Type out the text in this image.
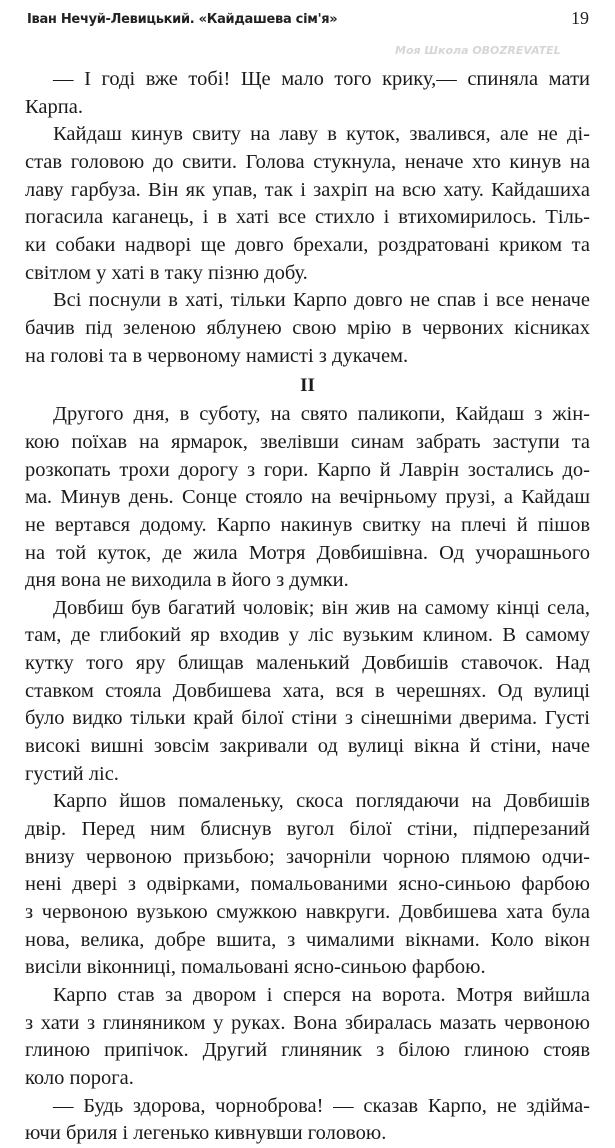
Іван Нечуй-Левицький. «Кайдашева сім'я»
Моя Школа OBOZREVATEL
19
— І годі вже тобі! Ще мало того крику,— спиняла мати
Карпа.
Кайдаш кинув свиту на лаву в куток, звалився, але не ді-
став головою до свити. Голова стукнула, неначе хто кинув на
лаву гарбуза. Він як упав, так і захріп на всю хату. Кайдашиха
погасила каганець, і в хаті все стихло і втихомирилось. Тіль-
ки собаки надворі ще довго брехали, роздратовані криком та
світлом у хаті в таку пізню добу.
Всі поснули в хаті, тільки Карпо довго не спав і все неначе
бачив під зеленою яблунею свою мрію в червоних кісниках
на голові та в червоному намисті з дукачем.
II
Другого дня, в суботу, на свято паликопи, Кайдаш з жін-
кою поїхав на ярмарок, звелівши синам забрать заступи та
розкопать трохи дорогу з гори. Карпо й Лаврін зостались до-
ма. Минув день. Сонце стояло на вечірньому прузі, а Кайдаш
не вертався додому. Карпо накинув свитку на плечі й пішов
на той куток, де жила Мотря Довбишівна. Од учорашнього
дня вона не виходила в його з думки.
Довбиш був багатий чоловік; він жив на самому кінці села,
там, де глибокий яр входив у ліс вузьким клином. В самому
кутку того яру блищав маленький Довбишів ставочок. Над
ставком стояла Довбишева хата, вся в черешнях. Од вулиці
було видко тільки край білої стіни з сінешніми дверима. Густі
високі вишні зовсім закривали од вулиці вікна й стіни, наче
густий ліс.
Карпо йшов помаленьку, скоса поглядаючи на Довбишів
двір. Перед ним блиснув вугол білої стіни, підперезаний
внизу червоною призьбою; зачорніли чорною плямою одчи-
нені двері з одвірками, помальованими ясно-синьою фарбою
з червоною вузькою смужкою навкруги. Довбишева хата була
нова, велика, добре вшита, з чималими вікнами. Коло вікон
висіли віконниці, помальовані ясно-синьою фарбою.
Карпо став за двором і сперся на ворота. Мотря вийшла
з хати з глиняником у руках. Вона збиралась мазать червоною
глиною припічок. Другий глиняник з білою глиною стояв
коло порога.
— Будь здорова, чорноброва! — сказав Карпо, не здійма-
ючи бриля і легенько кивнувши головою.
